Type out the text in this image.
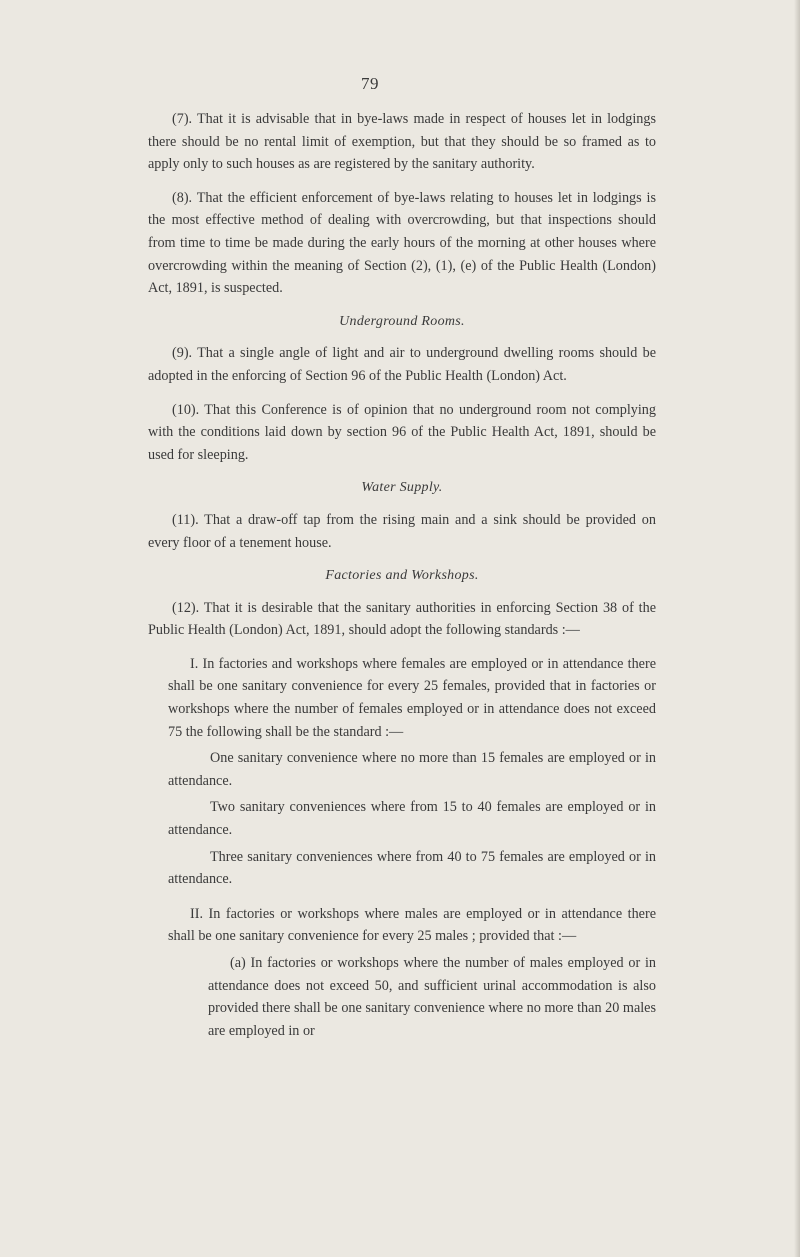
79

(7). That it is advisable that in bye-laws made in respect of houses let in lodgings there should be no rental limit of exemption, but that they should be so framed as to apply only to such houses as are registered by the sanitary authority.

(8). That the efficient enforcement of bye-laws relating to houses let in lodgings is the most effective method of dealing with overcrowding, but that inspections should from time to time be made during the early hours of the morning at other houses where overcrowding within the meaning of Section (2), (1), (e) of the Public Health (London) Act, 1891, is suspected.

Underground Rooms.

(9). That a single angle of light and air to underground dwelling rooms should be adopted in the enforcing of Section 96 of the Public Health (London) Act.

(10). That this Conference is of opinion that no underground room not complying with the conditions laid down by section 96 of the Public Health Act, 1891, should be used for sleeping.

Water Supply.

(11). That a draw-off tap from the rising main and a sink should be provided on every floor of a tenement house.

Factories and Workshops.

(12). That it is desirable that the sanitary authorities in enforcing Section 38 of the Public Health (London) Act, 1891, should adopt the following standards :—

I. In factories and workshops where females are employed or in attendance there shall be one sanitary convenience for every 25 females, provided that in factories or workshops where the number of females employed or in attendance does not exceed 75 the following shall be the standard :—

One sanitary convenience where no more than 15 females are employed or in attendance.

Two sanitary conveniences where from 15 to 40 females are employed or in attendance.

Three sanitary conveniences where from 40 to 75 females are employed or in attendance.

II. In factories or workshops where males are employed or in attendance there shall be one sanitary convenience for every 25 males ; provided that :—

(a) In factories or workshops where the number of males employed or in attendance does not exceed 50, and sufficient urinal accommodation is also provided there shall be one sanitary convenience where no more than 20 males are employed in or
